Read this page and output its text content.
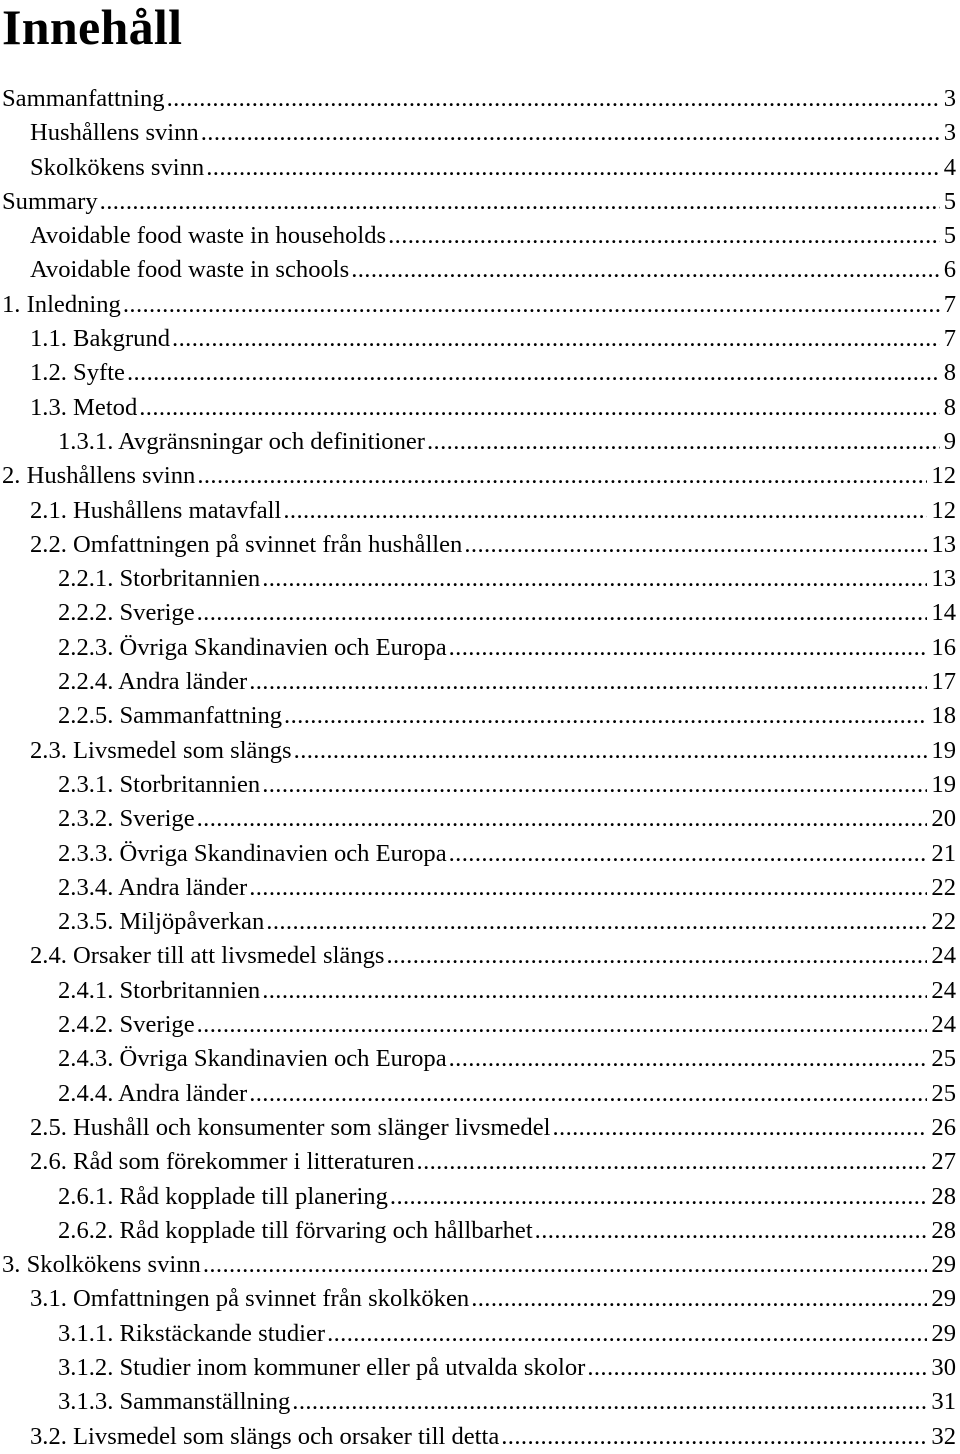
Innehåll
Sammanfattning .....	3
Hushållens svinn .....	3
Skolkökens svinn .....	4
Summary .....	5
Avoidable food waste in households .....	5
Avoidable food waste in schools .....	6
1. Inledning .....	7
1.1. Bakgrund .....	7
1.2. Syfte .....	8
1.3. Metod .....	8
1.3.1. Avgränsningar och definitioner .....	9
2. Hushållens svinn .....	12
2.1. Hushållens matavfall .....	12
2.2. Omfattningen på svinnet från hushållen .....	13
2.2.1. Storbritannien .....	13
2.2.2. Sverige .....	14
2.2.3. Övriga Skandinavien och Europa .....	16
2.2.4. Andra länder .....	17
2.2.5. Sammanfattning .....	18
2.3. Livsmedel som slängs .....	19
2.3.1. Storbritannien .....	19
2.3.2. Sverige .....	20
2.3.3. Övriga Skandinavien och Europa .....	21
2.3.4. Andra länder .....	22
2.3.5. Miljöpåverkan .....	22
2.4. Orsaker till att livsmedel slängs .....	24
2.4.1. Storbritannien .....	24
2.4.2. Sverige .....	24
2.4.3. Övriga Skandinavien och Europa .....	25
2.4.4. Andra länder .....	25
2.5. Hushåll och konsumenter som slänger livsmedel .....	26
2.6. Råd som förekommer i litteraturen .....	27
2.6.1. Råd kopplade till planering .....	28
2.6.2. Råd kopplade till förvaring och hållbarhet .....	28
3. Skolkökens svinn .....	29
3.1. Omfattningen på svinnet från skolköken .....	29
3.1.1. Rikstäckande studier .....	29
3.1.2. Studier inom kommuner eller på utvalda skolor .....	30
3.1.3. Sammanställning .....	31
3.2. Livsmedel som slängs och orsaker till detta .....	32
